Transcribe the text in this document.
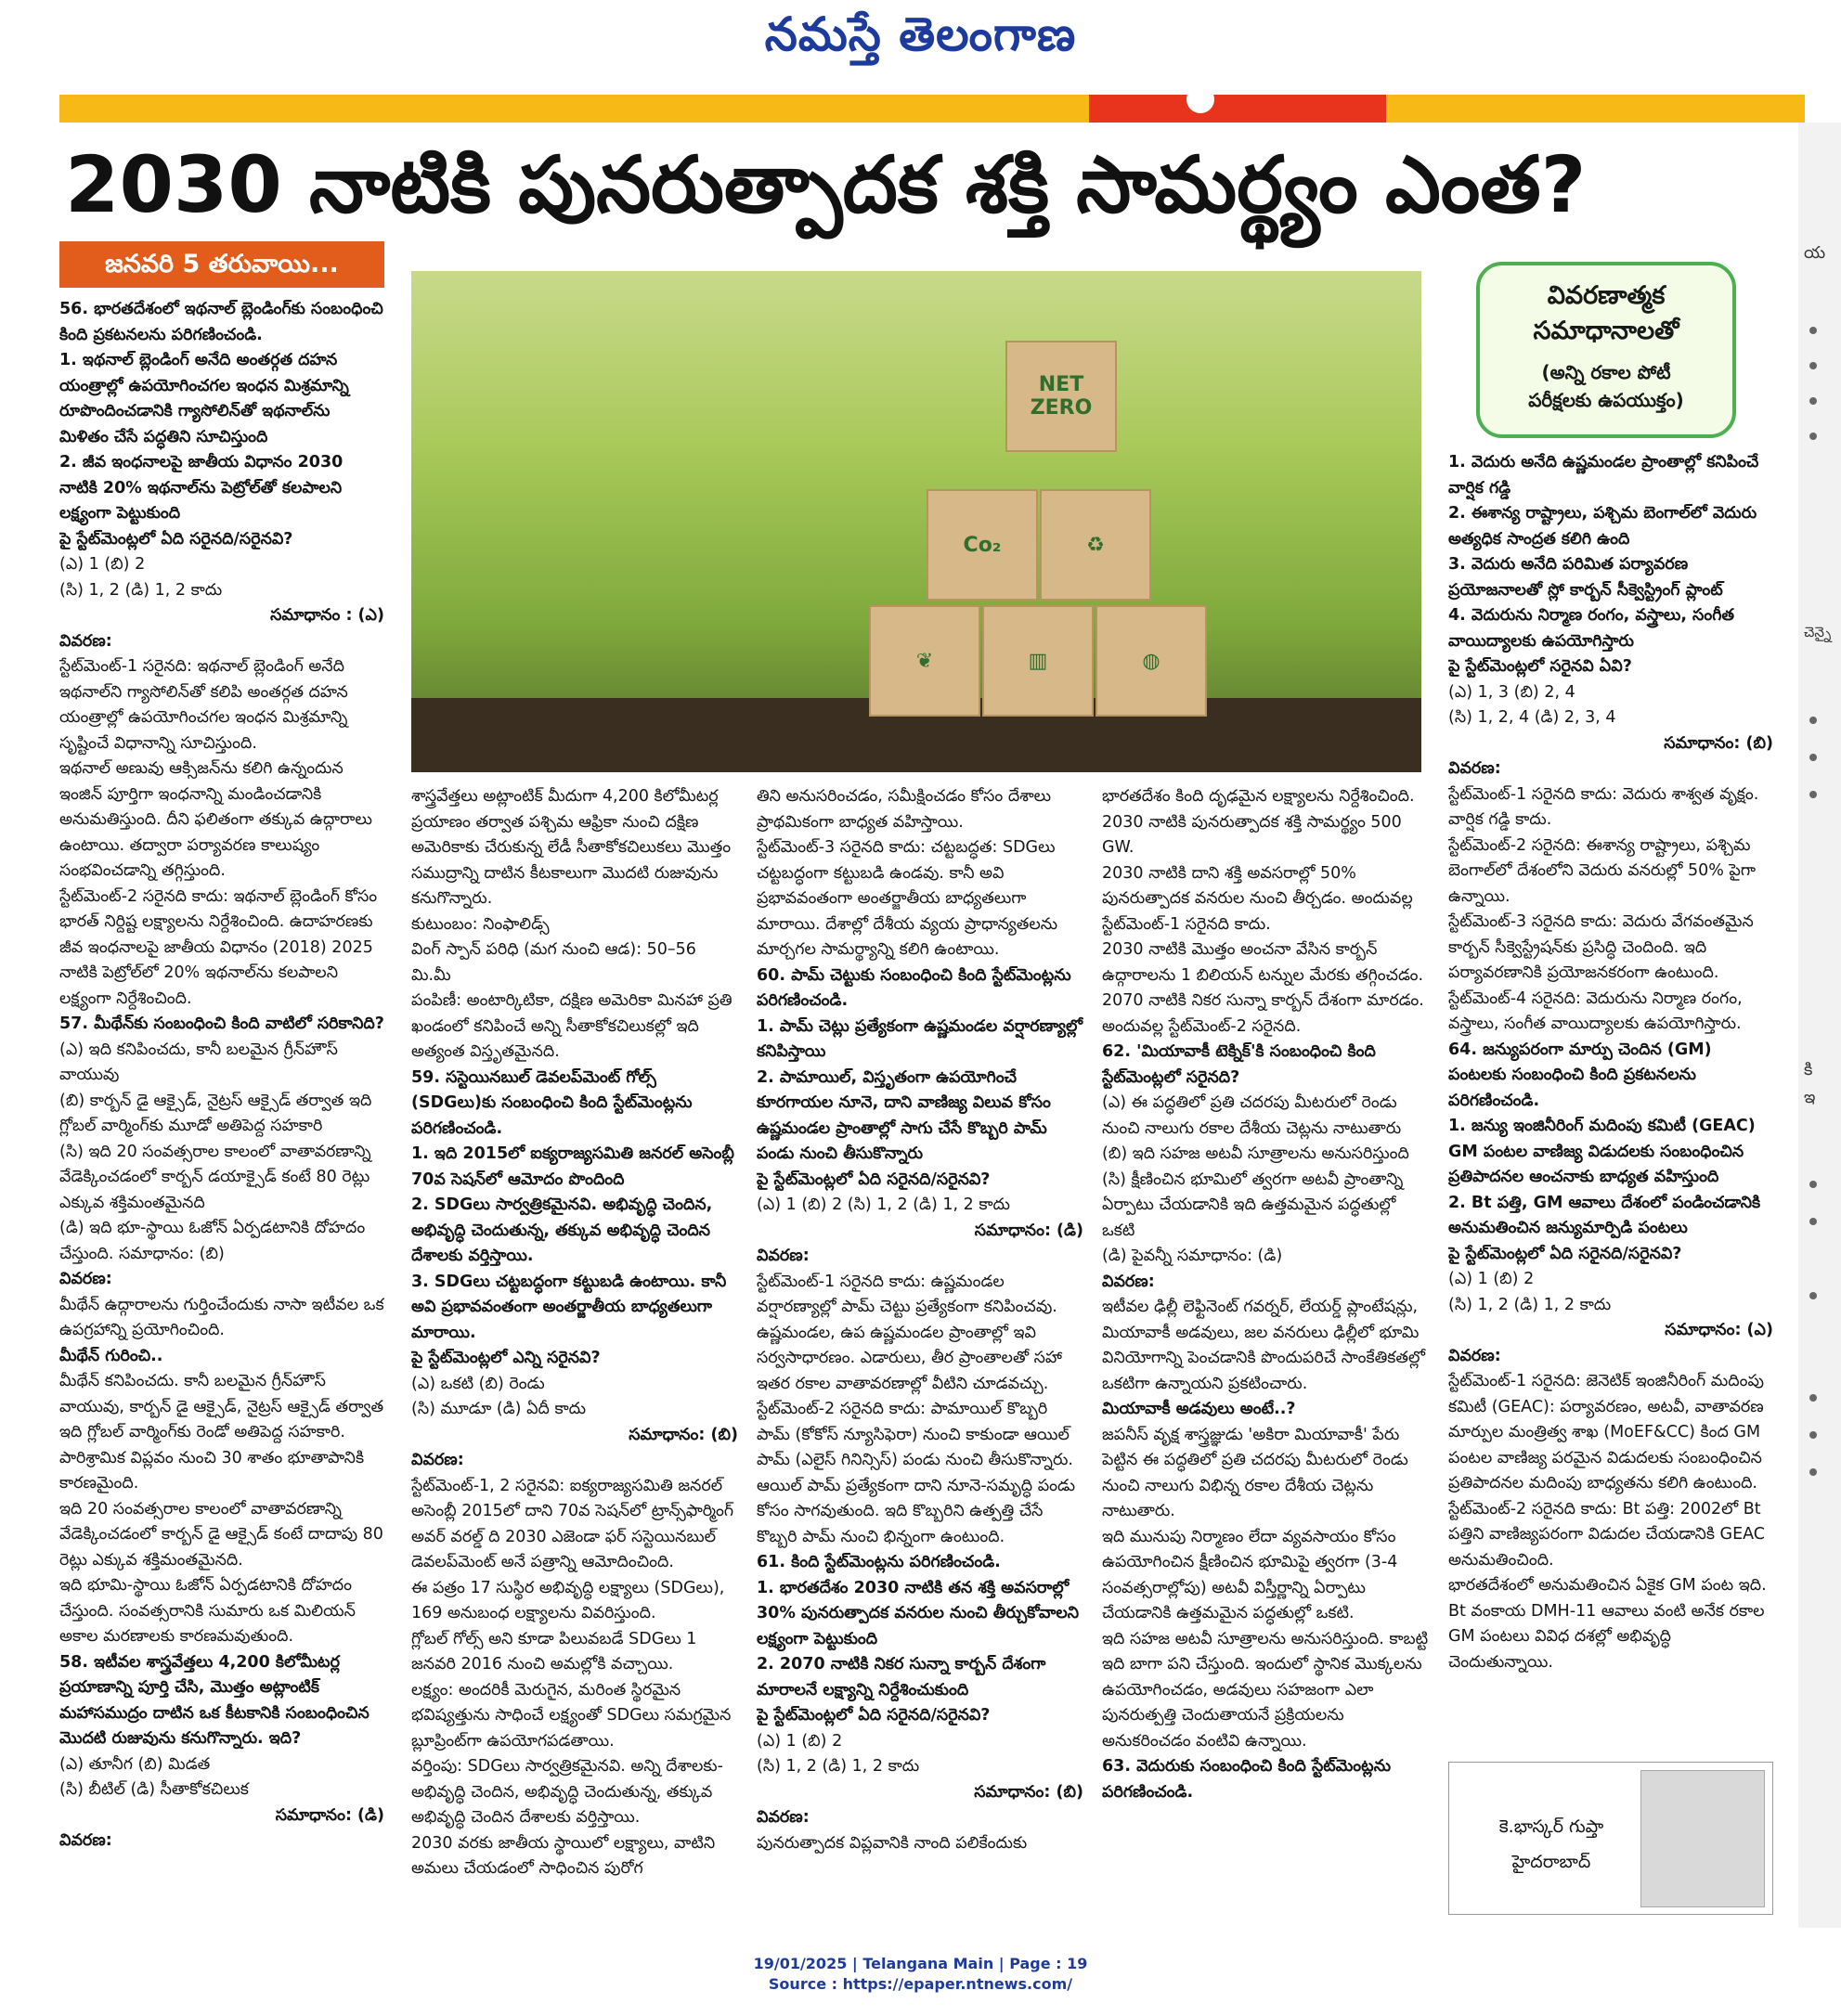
నమస్తే తెలంగాణ
2030 నాటికి పునరుత్పాదక శక్తి సామర్థ్యం ఎంత?
జనవరి 5 తరువాయి...
NET ZERO
Co₂	♻
❦	▥	◍
వివరణాత్మక
సమాధానాలతో
(అన్ని రకాల పోటీ
పరీక్షలకు ఉపయుక్తం)

56. భారతదేశంలో ఇథనాల్ బ్లెండింగ్‌కు సంబంధించి కింది ప్రకటనలను పరిగణించండి.

1. ఇథనాల్ బ్లెండింగ్ అనేది అంతర్గత దహన యంత్రాల్లో ఉపయోగించగల ఇంధన మిశ్రమాన్ని రూపొందించడానికి గ్యాసోలిన్‌తో ఇథనాల్‌ను మిళితం చేసే పద్ధతిని సూచిస్తుంది

2. జీవ ఇంధనాలపై జాతీయ విధానం 2030 నాటికి 20% ఇథనాల్‌ను పెట్రోల్‌తో కలపాలని లక్ష్యంగా పెట్టుకుంది

పై స్టేట్‌మెంట్లలో ఏది సరైనది/సరైనవి?

(ఎ) 1 (బి) 2

(సి) 1, 2 (డి) 1, 2 కాదు

సమాధానం : (ఎ)

వివరణ:

స్టేట్‌మెంట్-1 సరైనది: ఇథనాల్ బ్లెండింగ్ అనేది ఇథనాల్‌ని గ్యాసోలిన్‌తో కలిపి అంతర్గత దహన యంత్రాల్లో ఉపయోగించగల ఇంధన మిశ్రమాన్ని సృష్టించే విధానాన్ని సూచిస్తుంది.

ఇథనాల్ అణువు ఆక్సిజన్‌ను కలిగి ఉన్నందున ఇంజిన్ పూర్తిగా ఇంధనాన్ని మండించడానికి అనుమతిస్తుంది. దీని ఫలితంగా తక్కువ ఉద్గారాలు ఉంటాయి. తద్వారా పర్యావరణ కాలుష్యం సంభవించడాన్ని తగ్గిస్తుంది.

స్టేట్‌మెంట్-2 సరైనది కాదు: ఇథనాల్ బ్లెండింగ్ కోసం భారత్ నిర్దిష్ట లక్ష్యాలను నిర్దేశించింది. ఉదాహరణకు జీవ ఇంధనాలపై జాతీయ విధానం (2018) 2025 నాటికి పెట్రోల్‌లో 20% ఇథనాల్‌ను కలపాలని లక్ష్యంగా నిర్దేశించింది.

57. మీథేన్‌కు సంబంధించి కింది వాటిలో సరికానిది?

(ఎ) ఇది కనిపించదు, కానీ బలమైన గ్రీన్‌హౌస్ వాయువు

(బి) కార్బన్ డై ఆక్సైడ్, నైట్రస్ ఆక్సైడ్ తర్వాత ఇది గ్లోబల్ వార్మింగ్‌కు మూడో అతిపెద్ద సహకారి

(సి) ఇది 20 సంవత్సరాల కాలంలో వాతావరణాన్ని వేడెక్కించడంలో కార్బన్ డయాక్సైడ్ కంటే 80 రెట్లు ఎక్కువ శక్తిమంతమైనది

(డి) ఇది భూ-స్థాయి ఓజోన్ ఏర్పడటానికి దోహదం చేస్తుంది. సమాధానం: (బి)

వివరణ:

మీథేన్ ఉద్గారాలను గుర్తించేందుకు నాసా ఇటీవల ఒక ఉపగ్రహాన్ని ప్రయోగించింది.

మీథేన్ గురించి..

మీథేన్ కనిపించదు. కానీ బలమైన గ్రీన్‌హౌస్ వాయువు, కార్బన్ డై ఆక్సైడ్, నైట్రస్ ఆక్సైడ్ తర్వాత ఇది గ్లోబల్ వార్మింగ్‌కు రెండో అతిపెద్ద సహకారి. పారిశ్రామిక విప్లవం నుంచి 30 శాతం భూతాపానికి కారణమైంది.

ఇది 20 సంవత్సరాల కాలంలో వాతావరణాన్ని వేడెక్కించడంలో కార్బన్ డై ఆక్సైడ్ కంటే దాదాపు 80 రెట్లు ఎక్కువ శక్తిమంతమైనది.

ఇది భూమి-స్థాయి ఓజోన్ ఏర్పడటానికి దోహదం చేస్తుంది. సంవత్సరానికి సుమారు ఒక మిలియన్ అకాల మరణాలకు కారణమవుతుంది.

58. ఇటీవల శాస్త్రవేత్తలు 4,200 కిలోమీటర్ల ప్రయాణాన్ని పూర్తి చేసి, మొత్తం అట్లాంటిక్ మహాసముద్రం దాటిన ఒక కీటకానికి సంబంధించిన మొదటి రుజువును కనుగొన్నారు. ఇది?

(ఎ) తూనీగ (బి) మిడత

(సి) బీటిల్ (డి) సీతాకోకచిలుక

సమాధానం: (డి)

వివరణ:

శాస్త్రవేత్తలు అట్లాంటిక్ మీదుగా 4,200 కిలోమీటర్ల ప్రయాణం తర్వాత పశ్చిమ ఆఫ్రికా నుంచి దక్షిణ అమెరికాకు చేరుకున్న లేడీ సీతాకోకచిలుకలు మొత్తం సముద్రాన్ని దాటిన కీటకాలుగా మొదటి రుజువును కనుగొన్నారు.

కుటుంబం: నింఫాలిడ్స్

వింగ్ స్పాన్ పరిధి (మగ నుంచి ఆడ): 50–56 మి.మీ

పంపిణీ: అంటార్కిటికా, దక్షిణ అమెరికా మినహా ప్రతి ఖండంలో కనిపించే అన్ని సీతాకోకచిలుకల్లో ఇది అత్యంత విస్తృతమైనది.

59. సస్టెయినబుల్ డెవలప్‌మెంట్ గోల్స్ (SDGలు)కు సంబంధించి కింది స్టేట్‌మెంట్లను పరిగణించండి.

1. ఇది 2015లో ఐక్యరాజ్యసమితి జనరల్ అసెంబ్లీ 70వ సెషన్‌లో ఆమోదం పొందింది

2. SDGలు సార్వత్రికమైనవి. అభివృద్ధి చెందిన, అభివృద్ధి చెందుతున్న, తక్కువ అభివృద్ధి చెందిన దేశాలకు వర్తిస్తాయి.

3. SDGలు చట్టబద్ధంగా కట్టుబడి ఉంటాయి. కానీ అవి ప్రభావవంతంగా అంతర్జాతీయ బాధ్యతలుగా మారాయి.

పై స్టేట్‌మెంట్లలో ఎన్ని సరైనవి?

(ఎ) ఒకటి (బి) రెండు

(సి) మూడూ (డి) ఏదీ కాదు

సమాధానం: (బి)

వివరణ:

స్టేట్‌మెంట్-1, 2 సరైనవి: ఐక్యరాజ్యసమితి జనరల్ అసెంబ్లీ 2015లో దాని 70వ సెషన్‌లో ట్రాన్స్‌ఫార్మింగ్ అవర్ వరల్డ్ ది 2030 ఎజెండా ఫర్ సస్టెయినబుల్ డెవలప్‌మెంట్ అనే పత్రాన్ని ఆమోదించింది.

ఈ పత్రం 17 సుస్థిర అభివృద్ధి లక్ష్యాలు (SDGలు), 169 అనుబంధ లక్ష్యాలను వివరిస్తుంది.

గ్లోబల్ గోల్స్ అని కూడా పిలువబడే SDGలు 1 జనవరి 2016 నుంచి అమల్లోకి వచ్చాయి.

లక్ష్యం: అందరికీ మెరుగైన, మరింత స్థిరమైన భవిష్యత్తును సాధించే లక్ష్యంతో SDGలు సమగ్రమైన బ్లూప్రింట్‌గా ఉపయోగపడతాయి.

వర్తింపు: SDGలు సార్వత్రికమైనవి. అన్ని దేశాలకు-అభివృద్ధి చెందిన, అభివృద్ధి చెందుతున్న, తక్కువ అభివృద్ధి చెందిన దేశాలకు వర్తిస్తాయి.

2030 వరకు జాతీయ స్థాయిలో లక్ష్యాలు, వాటిని అమలు చేయడంలో సాధించిన పురోగ

తిని అనుసరించడం, సమీక్షించడం కోసం దేశాలు ప్రాథమికంగా బాధ్యత వహిస్తాయి.

స్టేట్‌మెంట్-3 సరైనది కాదు: చట్టబద్ధత: SDGలు చట్టబద్ధంగా కట్టుబడి ఉండవు. కానీ అవి ప్రభావవంతంగా అంతర్జాతీయ బాధ్యతలుగా మారాయి. దేశాల్లో దేశీయ వ్యయ ప్రాధాన్యతలను మార్చగల సామర్థ్యాన్ని కలిగి ఉంటాయి.

60. పామ్ చెట్టుకు సంబంధించి కింది స్టేట్‌మెంట్లను పరిగణించండి.

1. పామ్ చెట్లు ప్రత్యేకంగా ఉష్ణమండల వర్షారణ్యాల్లో కనిపిస్తాయి

2. పామాయిల్, విస్తృతంగా ఉపయోగించే కూరగాయల నూనె, దాని వాణిజ్య విలువ కోసం ఉష్ణమండల ప్రాంతాల్లో సాగు చేసే కొబ్బరి పామ్ పండు నుంచి తీసుకొన్నారు

పై స్టేట్‌మెంట్లలో ఏది సరైనది/సరైనవి?

(ఎ) 1 (బి) 2 (సి) 1, 2 (డి) 1, 2 కాదు

సమాధానం: (డి)

వివరణ:

స్టేట్‌మెంట్-1 సరైనది కాదు: ఉష్ణమండల వర్షారణ్యాల్లో పామ్ చెట్టు ప్రత్యేకంగా కనిపించవు. ఉష్ణమండల, ఉప ఉష్ణమండల ప్రాంతాల్లో ఇవి సర్వసాధారణం. ఎడారులు, తీర ప్రాంతాలతో సహా ఇతర రకాల వాతావరణాల్లో వీటిని చూడవచ్చు.

స్టేట్‌మెంట్-2 సరైనది కాదు: పామాయిల్ కొబ్బరి పామ్ (కోకోస్ న్యూసిఫెరా) నుంచి కాకుండా ఆయిల్ పామ్ (ఎలైస్ గినిన్సిస్) పండు నుంచి తీసుకొన్నారు. ఆయిల్ పామ్ ప్రత్యేకంగా దాని నూనె-సమృద్ధి పండు కోసం సాగవుతుంది. ఇది కొబ్బరిని ఉత్పత్తి చేసే కొబ్బరి పామ్ నుంచి భిన్నంగా ఉంటుంది.

61. కింది స్టేట్‌మెంట్లను పరిగణించండి.

1. భారతదేశం 2030 నాటికి తన శక్తి అవసరాల్లో 30% పునరుత్పాదక వనరుల నుంచి తీర్చుకోవాలని లక్ష్యంగా పెట్టుకుంది

2. 2070 నాటికి నికర సున్నా కార్బన్ దేశంగా మారాలనే లక్ష్యాన్ని నిర్దేశించుకుంది

పై స్టేట్‌మెంట్లలో ఏది సరైనది/సరైనవి?

(ఎ) 1 (బి) 2

(సి) 1, 2 (డి) 1, 2 కాదు

సమాధానం: (బి)

వివరణ:

పునరుత్పాదక విప్లవానికి నాంది పలికేందుకు

భారతదేశం కింది దృఢమైన లక్ష్యాలను నిర్దేశించింది.

2030 నాటికి పునరుత్పాదక శక్తి సామర్థ్యం 500 GW.

2030 నాటికి దాని శక్తి అవసరాల్లో 50% పునరుత్పాదక వనరుల నుంచి తీర్చడం. అందువల్ల స్టేట్‌మెంట్-1 సరైనది కాదు.

2030 నాటికి మొత్తం అంచనా వేసిన కార్బన్ ఉద్గారాలను 1 బిలియన్ టన్నుల మేరకు తగ్గించడం.

2070 నాటికి నికర సున్నా కార్బన్ దేశంగా మారడం. అందువల్ల స్టేట్‌మెంట్-2 సరైనది.

62. 'మియావాకీ టెక్నిక్'కి సంబంధించి కింది స్టేట్‌మెంట్లలో సరైనది?

(ఎ) ఈ పద్ధతిలో ప్రతి చదరపు మీటరులో రెండు నుంచి నాలుగు రకాల దేశీయ చెట్లను నాటుతారు

(బి) ఇది సహజ అటవీ సూత్రాలను అనుసరిస్తుంది

(సి) క్షీణించిన భూమిలో త్వరగా అటవీ ప్రాంతాన్ని ఏర్పాటు చేయడానికి ఇది ఉత్తమమైన పద్ధతుల్లో ఒకటి

(డి) పైవన్నీ సమాధానం: (డి)

వివరణ:

ఇటీవల ఢిల్లీ లెఫ్టినెంట్ గవర్నర్, లేయర్డ్ ప్లాంటేషన్లు, మియావాకీ అడవులు, జల వనరులు ఢిల్లీలో భూమి వినియోగాన్ని పెంచడానికి పొందుపరిచే సాంకేతికతల్లో ఒకటిగా ఉన్నాయని ప్రకటించారు.

మియావాకీ అడవులు అంటే..?

జపనీస్ వృక్ష శాస్త్రజ్ఞుడు 'అకిరా మియావాకీ' పేరు పెట్టిన ఈ పద్ధతిలో ప్రతి చదరపు మీటరులో రెండు నుంచి నాలుగు విభిన్న రకాల దేశీయ చెట్లను నాటుతారు.

ఇది మునుపు నిర్మాణం లేదా వ్యవసాయం కోసం ఉపయోగించిన క్షీణించిన భూమిపై త్వరగా (3-4 సంవత్సరాల్లోపు) అటవీ విస్తీర్ణాన్ని ఏర్పాటు చేయడానికి ఉత్తమమైన పద్ధతుల్లో ఒకటి.

ఇది సహజ అటవీ సూత్రాలను అనుసరిస్తుంది. కాబట్టి ఇది బాగా పని చేస్తుంది. ఇందులో స్థానిక మొక్కలను ఉపయోగించడం, అడవులు సహజంగా ఎలా పునరుత్పత్తి చెందుతాయనే ప్రక్రియలను అనుకరించడం వంటివి ఉన్నాయి.

63. వెదురుకు సంబంధించి కింది స్టేట్‌మెంట్లను పరిగణించండి.

1. వెదురు అనేది ఉష్ణమండల ప్రాంతాల్లో కనిపించే వార్షిక గడ్డి

2. ఈశాన్య రాష్ట్రాలు, పశ్చిమ బెంగాల్‌లో వెదురు అత్యధిక సాంద్రత కలిగి ఉంది

3. వెదురు అనేది పరిమిత పర్యావరణ ప్రయోజనాలతో స్లో కార్బన్ సీక్వెస్ట్రింగ్ ప్లాంట్

4. వెదురును నిర్మాణ రంగం, వస్త్రాలు, సంగీత వాయిద్యాలకు ఉపయోగిస్తారు

పై స్టేట్‌మెంట్లలో సరైనవి ఏవి?

(ఎ) 1, 3 (బి) 2, 4

(సి) 1, 2, 4 (డి) 2, 3, 4

సమాధానం: (బి)

వివరణ:

స్టేట్‌మెంట్-1 సరైనది కాదు: వెదురు శాశ్వత వృక్షం. వార్షిక గడ్డి కాదు.

స్టేట్‌మెంట్-2 సరైనది: ఈశాన్య రాష్ట్రాలు, పశ్చిమ బెంగాల్‌లో దేశంలోని వెదురు వనరుల్లో 50% పైగా ఉన్నాయి.

స్టేట్‌మెంట్-3 సరైనది కాదు: వెదురు వేగవంతమైన కార్బన్ సీక్వెస్ట్రేషన్‌కు ప్రసిద్ధి చెందింది. ఇది పర్యావరణానికి ప్రయోజనకరంగా ఉంటుంది.

స్టేట్‌మెంట్-4 సరైనది: వెదురును నిర్మాణ రంగం, వస్త్రాలు, సంగీత వాయిద్యాలకు ఉపయోగిస్తారు.

64. జన్యుపరంగా మార్పు చెందిన (GM) పంటలకు సంబంధించి కింది ప్రకటనలను పరిగణించండి.

1. జన్యు ఇంజినీరింగ్ మదింపు కమిటీ (GEAC) GM పంటల వాణిజ్య విడుదలకు సంబంధించిన ప్రతిపాదనల ఆంచనాకు బాధ్యత వహిస్తుంది

2. Bt పత్తి, GM ఆవాలు దేశంలో పండించడానికి అనుమతించిన జన్యుమార్పిడి పంటలు

పై స్టేట్‌మెంట్లలో ఏది సరైనది/సరైనవి?

(ఎ) 1 (బి) 2

(సి) 1, 2 (డి) 1, 2 కాదు

సమాధానం: (ఎ)

వివరణ:

స్టేట్‌మెంట్-1 సరైనది: జెనెటిక్ ఇంజినీరింగ్ మదింపు కమిటీ (GEAC): పర్యావరణం, అటవీ, వాతావరణ మార్పుల మంత్రిత్వ శాఖ (MoEF&CC) కింద GM పంటల వాణిజ్య పరమైన విడుదలకు సంబంధించిన ప్రతిపాదనల మదింపు బాధ్యతను కలిగి ఉంటుంది.

స్టేట్‌మెంట్-2 సరైనది కాదు: Bt పత్తి: 2002లో Bt పత్తిని వాణిజ్యపరంగా విడుదల చేయడానికి GEAC అనుమతించింది.

భారతదేశంలో అనుమతించిన ఏకైక GM పంట ఇది.

Bt వంకాయ DMH-11 ఆవాలు వంటి అనేక రకాల GM పంటలు వివిధ దశల్లో అభివృద్ధి చెందుతున్నాయి.

కె.భాస్కర్ గుప్తా
హైదరాబాద్
య
చెన్నై
కి
ఇ
19/01/2025 | Telangana Main | Page : 19
Source : https://epaper.ntnews.com/
